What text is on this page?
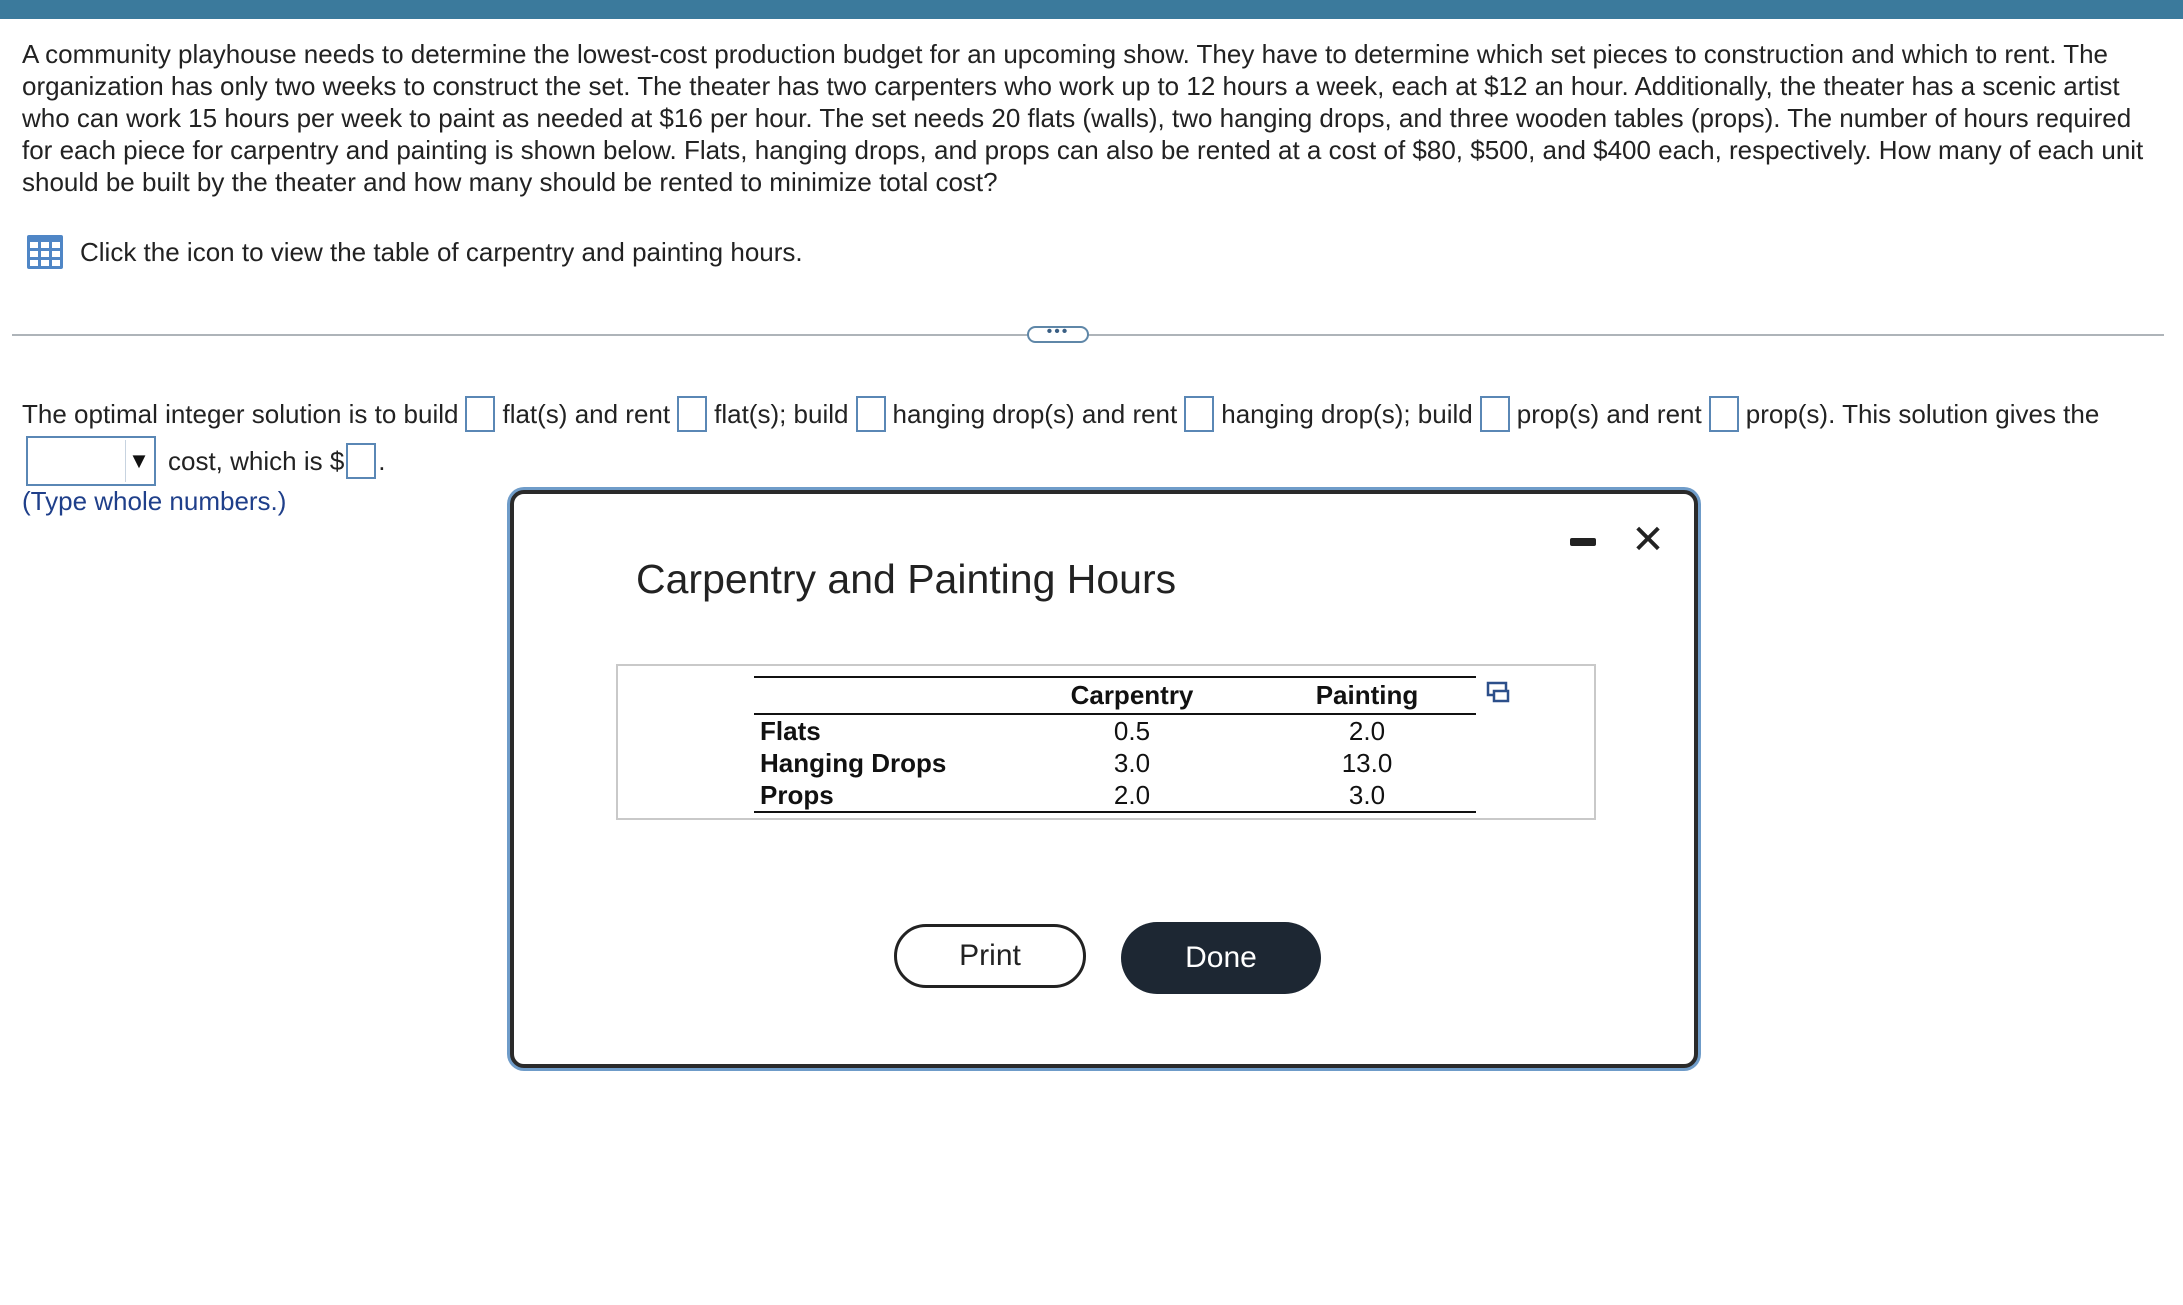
A community playhouse needs to determine the lowest-cost production budget for an upcoming show. They have to determine which set pieces to construction and which to rent. The organization has only two weeks to construct the set. The theater has two carpenters who work up to 12 hours a week, each at $12 an hour. Additionally, the theater has a scenic artist who can work 15 hours per week to paint as needed at $16 per hour. The set needs 20 flats (walls), two hanging drops, and three wooden tables (props). The number of hours required for each piece for carpentry and painting is shown below. Flats, hanging drops, and props can also be rented at a cost of $80, $500, and $400 each, respectively. How many of each unit should be built by the theater and how many should be rented to minimize total cost?
Click the icon to view the table of carpentry and painting hours.
•••
The optimal integer solution is to build flat(s) and rent flat(s); build hanging drop(s) and rent hanging drop(s); build prop(s) and rent prop(s). This solution gives the
▼ cost, which is $ .
(Type whole numbers.)
Carpentry and Painting Hours
✕
	Carpentry	Painting
Flats	0.5	2.0
Hanging Drops	3.0	13.0
Props	2.0	3.0
Print	Done
